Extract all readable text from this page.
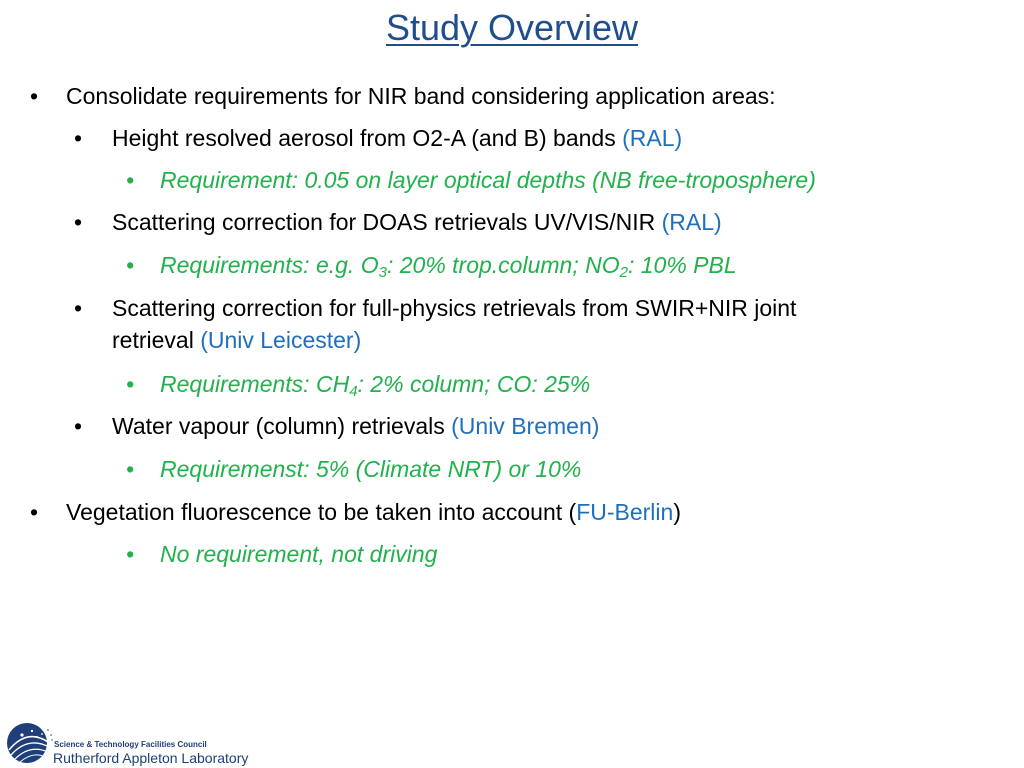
Study Overview
• Consolidate requirements for NIR band considering application areas:
• Height resolved aerosol from O2-A (and B) bands (RAL)
• Requirement: 0.05 on layer optical depths (NB free-troposphere)
• Scattering correction for DOAS retrievals UV/VIS/NIR (RAL)
• Requirements: e.g. $O_3$: 20% trop.column; $NO_2$: 10% PBL
• Scattering correction for full-physics retrievals from SWIR+NIR joint
retrieval (Univ Leicester)
• Requirements: $CH_4$: 2% column; CO: 25%
• Water vapour (column) retrievals (Univ Bremen)
• Requiremenst: 5% (Climate NRT) or 10%
• Vegetation fluorescence to be taken into account (FU-Berlin)
• No requirement, not driving
Science & Technology Facilities Council
Rutherford Appleton Laboratory
